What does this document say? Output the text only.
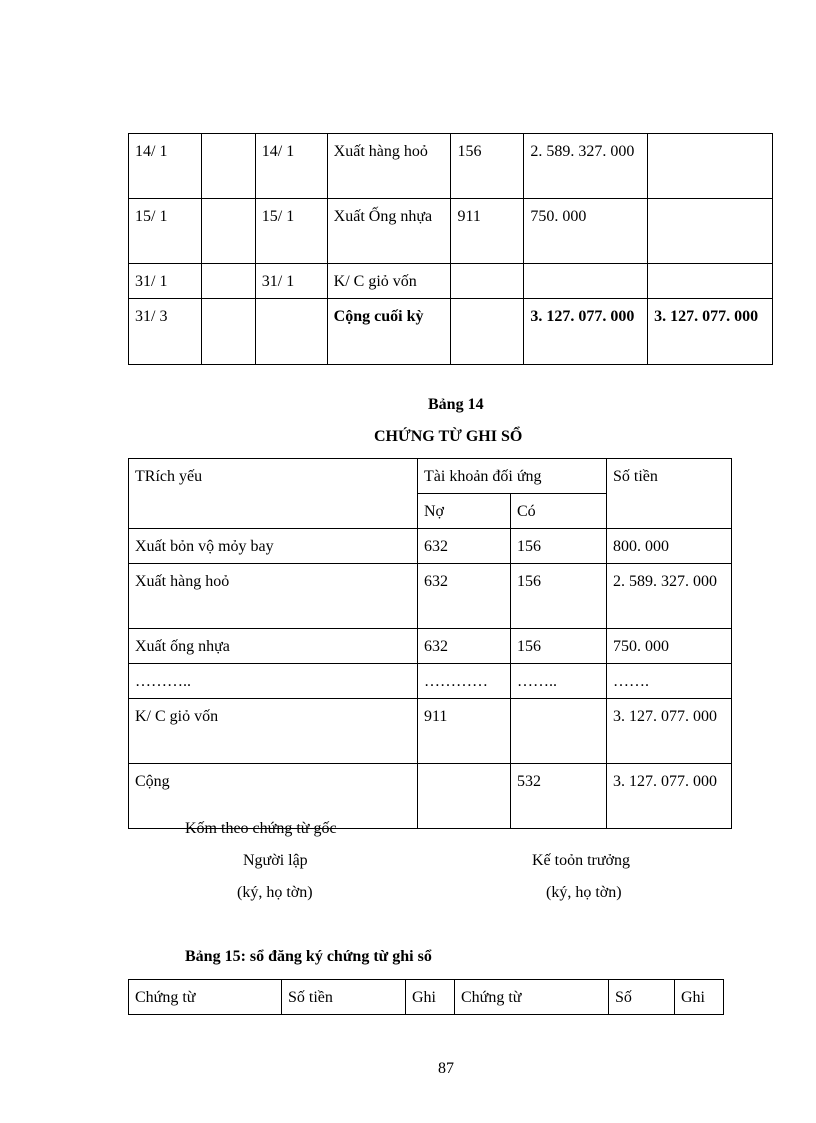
14/ 1		14/ 1	Xuất hàng hoỏ	156	2. 589. 327. 000	
15/ 1		15/ 1	Xuất Ống nhựa	911	750. 000	
31/ 1		31/ 1	K/ C giỏ vốn			
31/ 3			Cộng cuối kỳ		3. 127. 077. 000	3. 127. 077. 000
Bảng 14
CHỨNG TỪ GHI SỔ
TRích yếu	Tài khoản đối ứng		Số tiền
	Nợ	Có	
Xuất bỏn vộ mỏy bay	632	156	800. 000
Xuất hàng hoỏ	632	156	2. 589. 327. 000
Xuất ống nhựa	632	156	750. 000
………..	…………	……..	…….
K/ C giỏ vốn	911		3. 127. 077. 000
Cộng		532	3. 127. 077. 000
Kốm theo chứng từ gốc
Người lập	Kế toỏn trưởng
(ký, họ tờn)	(ký, họ tờn)
Bảng 15: sổ đăng ký chứng từ ghi sổ
Chứng từ	Số tiền	Ghi	Chứng từ	Số	Ghi
87
